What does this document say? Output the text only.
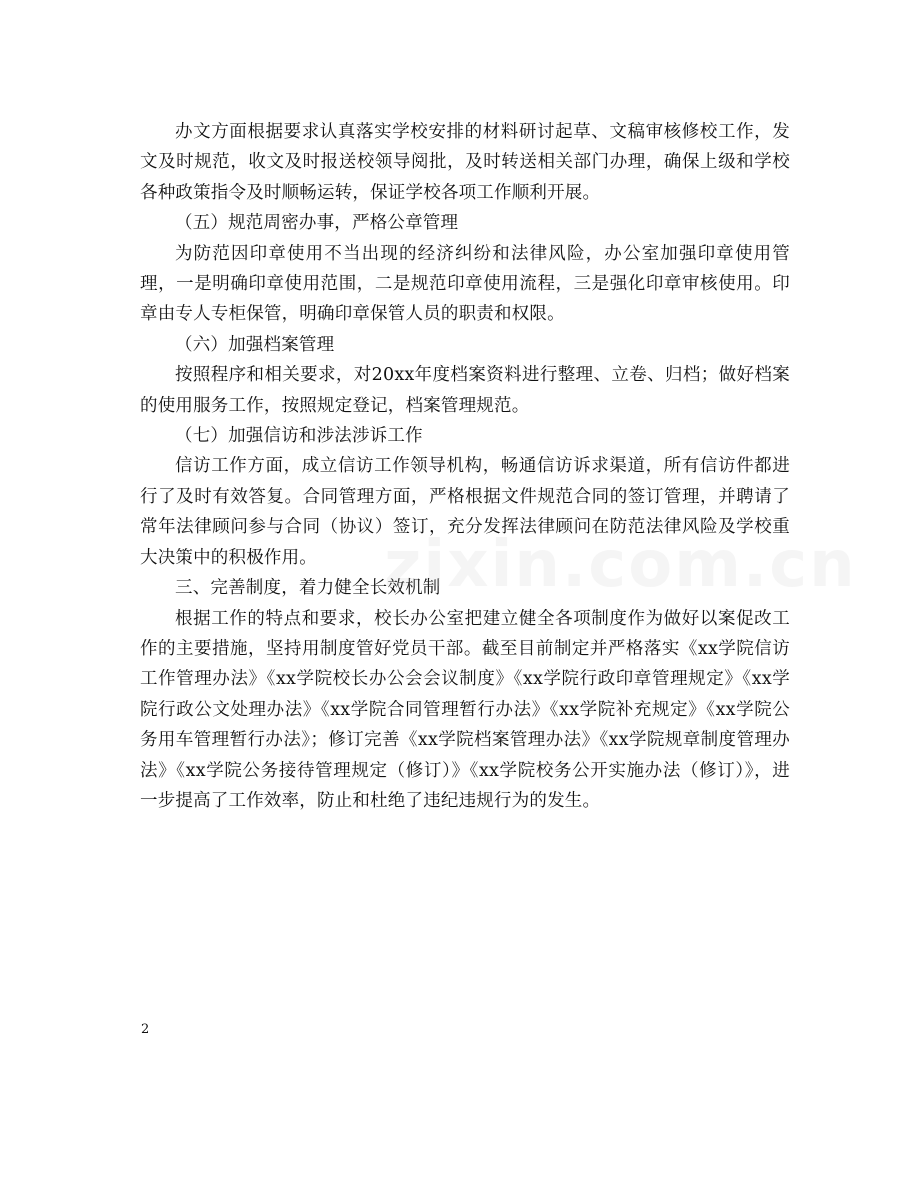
办文方面根据要求认真落实学校安排的材料研讨起草、文稿审核修校工作，发文及时规范，收文及时报送校领导阅批，及时转送相关部门办理，确保上级和学校各种政策指令及时顺畅运转，保证学校各项工作顺利开展。

（五）规范周密办事，严格公章管理

为防范因印章使用不当出现的经济纠纷和法律风险，办公室加强印章使用管理，一是明确印章使用范围，二是规范印章使用流程，三是强化印章审核使用。印章由专人专柜保管，明确印章保管人员的职责和权限。

（六）加强档案管理

按照程序和相关要求，对20xx年度档案资料进行整理、立卷、归档；做好档案的使用服务工作，按照规定登记，档案管理规范。

（七）加强信访和涉法涉诉工作

信访工作方面，成立信访工作领导机构，畅通信访诉求渠道，所有信访件都进行了及时有效答复。合同管理方面，严格根据文件规范合同的签订管理，并聘请了常年法律顾问参与合同（协议）签订，充分发挥法律顾问在防范法律风险及学校重大决策中的积极作用。

三、完善制度，着力健全长效机制

根据工作的特点和要求，校长办公室把建立健全各项制度作为做好以案促改工作的主要措施，坚持用制度管好党员干部。截至目前制定并严格落实《xx学院信访工作管理办法》《xx学院校长办公会会议制度》《xx学院行政印章管理规定》《xx学院行政公文处理办法》《xx学院合同管理暂行办法》《xx学院补充规定》《xx学院公务用车管理暂行办法》；修订完善《xx学院档案管理办法》《xx学院规章制度管理办法》《xx学院公务接待管理规定（修订）》《xx学院校务公开实施办法（修订）》，进一步提高了工作效率，防止和杜绝了违纪违规行为的发生。

zixin.com.cn
2
